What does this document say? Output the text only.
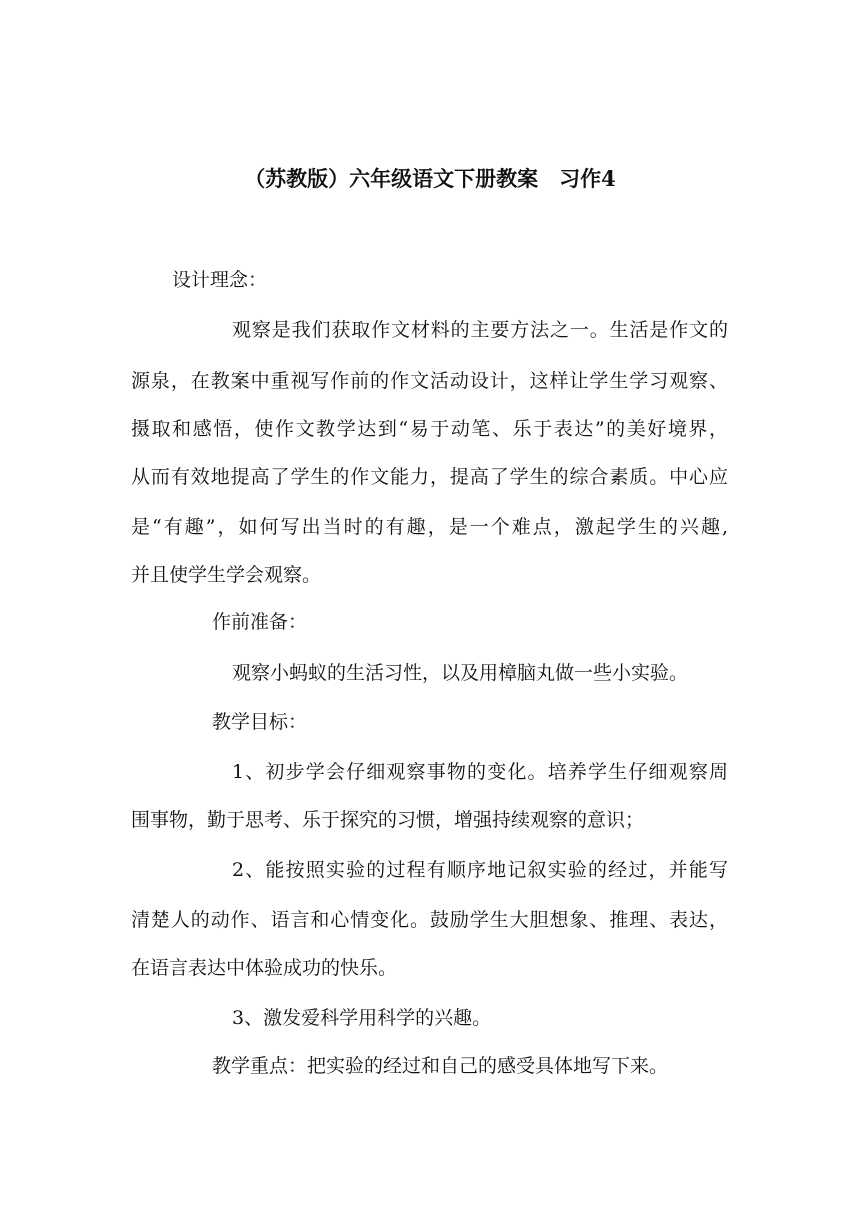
（苏教版）六年级语文下册教案　习作4
设计理念：
观察是我们获取作文材料的主要方法之一。生活是作文的
源泉，在教案中重视写作前的作文活动设计，这样让学生学习观察、
摄取和感悟，使作文教学达到“易于动笔、乐于表达”的美好境界，
从而有效地提高了学生的作文能力，提高了学生的综合素质。中心应
是“有趣”，如何写出当时的有趣，是一个难点，激起学生的兴趣,
并且使学生学会观察。
作前准备：
观察小蚂蚁的生活习性，以及用樟脑丸做一些小实验。
教学目标：
1、初步学会仔细观察事物的变化。培养学生仔细观察周
围事物，勤于思考、乐于探究的习惯，增强持续观察的意识；
2、能按照实验的过程有顺序地记叙实验的经过，并能写
清楚人的动作、语言和心情变化。鼓励学生大胆想象、推理、表达，
在语言表达中体验成功的快乐。
3、激发爱科学用科学的兴趣。
教学重点：把实验的经过和自己的感受具体地写下来。
